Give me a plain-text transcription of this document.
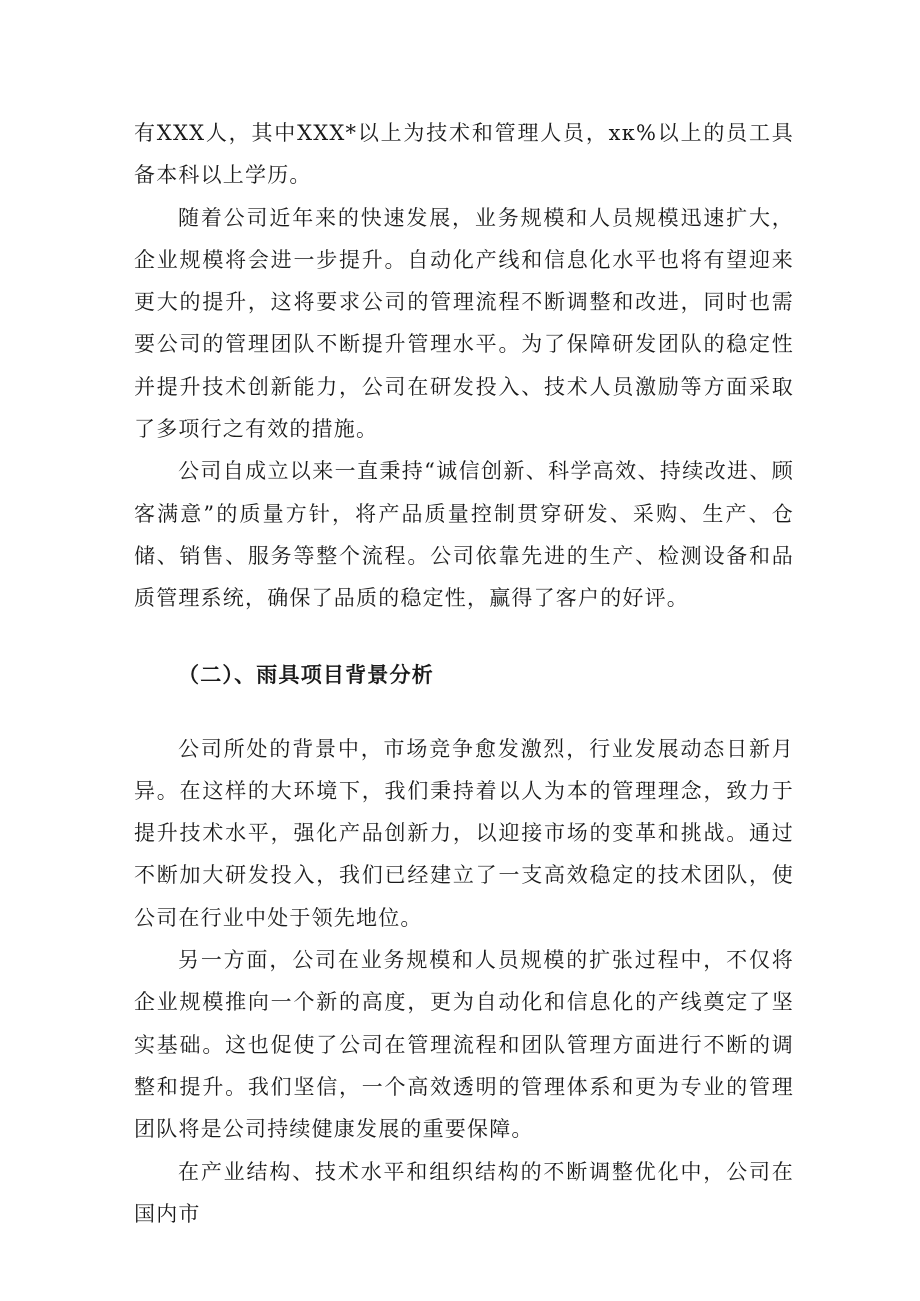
有XXX人，其中XXX*以上为技术和管理人员，xκ%以上的员工具备本科以上学历。

随着公司近年来的快速发展，业务规模和人员规模迅速扩大，企业规模将会进一步提升。自动化产线和信息化水平也将有望迎来更大的提升，这将要求公司的管理流程不断调整和改进，同时也需要公司的管理团队不断提升管理水平。为了保障研发团队的稳定性并提升技术创新能力，公司在研发投入、技术人员激励等方面采取了多项行之有效的措施。

公司自成立以来一直秉持“诚信创新、科学高效、持续改进、顾客满意”的质量方针，将产品质量控制贯穿研发、采购、生产、仓储、销售、服务等整个流程。公司依靠先进的生产、检测设备和品质管理系统，确保了品质的稳定性，赢得了客户的好评。

（二）、雨具项目背景分析

公司所处的背景中，市场竞争愈发激烈，行业发展动态日新月异。在这样的大环境下，我们秉持着以人为本的管理理念，致力于提升技术水平，强化产品创新力，以迎接市场的变革和挑战。通过不断加大研发投入，我们已经建立了一支高效稳定的技术团队，使公司在行业中处于领先地位。

另一方面，公司在业务规模和人员规模的扩张过程中，不仅将企业规模推向一个新的高度，更为自动化和信息化的产线奠定了坚实基础。这也促使了公司在管理流程和团队管理方面进行不断的调整和提升。我们坚信，一个高效透明的管理体系和更为专业的管理团队将是公司持续健康发展的重要保障。

在产业结构、技术水平和组织结构的不断调整优化中，公司在国内市
